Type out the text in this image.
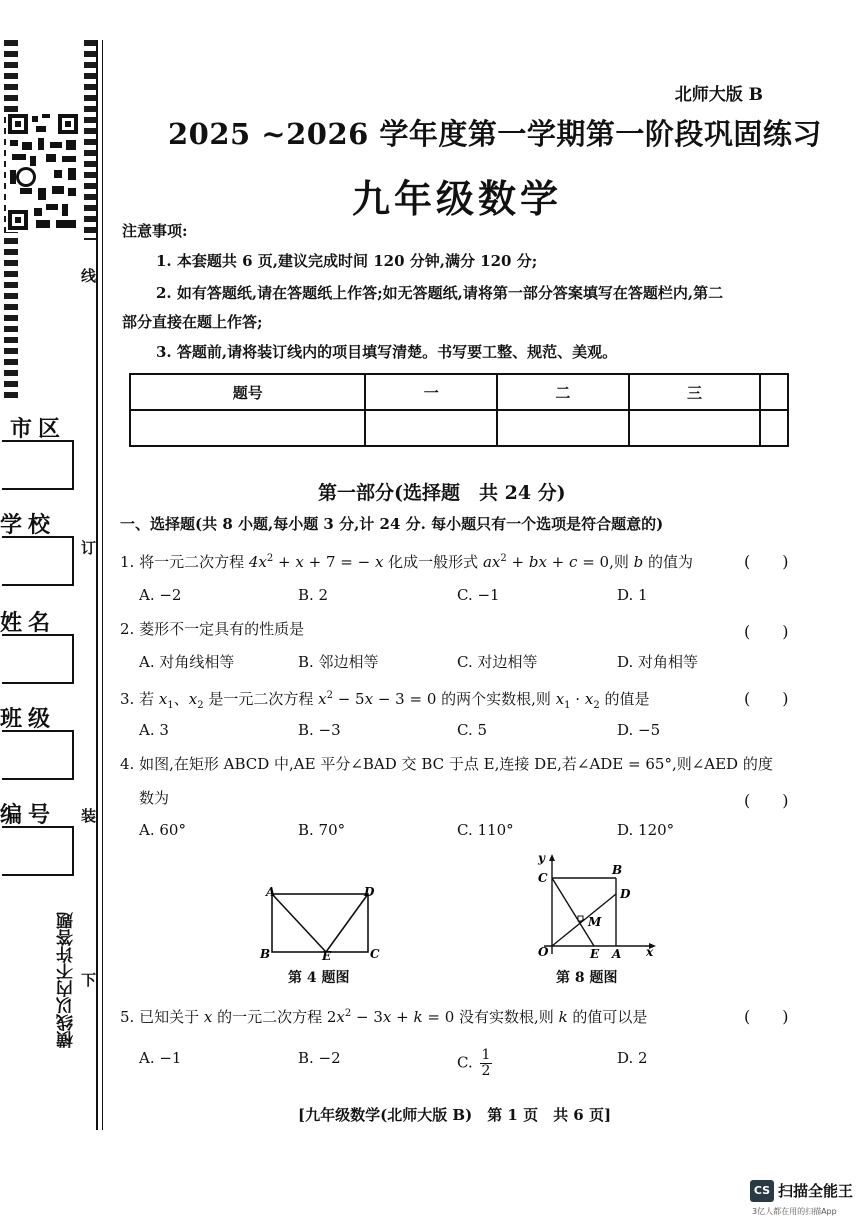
线
订
装
下
市区
学校
姓名
班级
编号
横线以内不许答题
北师大版 B
2025 ~2026 学年度第一学期第一阶段巩固练习
九年级数学
注意事项:
1. 本套题共 6 页,建议完成时间 120 分钟,满分 120 分;
2. 如有答题纸,请在答题纸上作答;如无答题纸,请将第一部分答案填写在答题栏内,第二
部分直接在题上作答;
3. 答题前,请将装订线内的项目填写清楚。书写要工整、规范、美观。
题号	一	二	三	

第一部分(选择题　共 24 分)
一、选择题(共 8 小题,每小题 3 分,计 24 分. 每小题只有一个选项是符合题意的)
1. 将一元二次方程 $4x^2 + x + 7$ = − x 化成一般形式 $ax^2$ + bx + c = 0,则 b 的值为	(　　)
A. −2	B. 2	C. −1	D. 1
2. 菱形不一定具有的性质是	(　　)
A. 对角线相等	B. 邻边相等	C. 对边相等	D. 对角相等
3. 若 $x_1$、$x_2$ 是一元二次方程 $x^2 - 5x - 3 = 0$ 的两个实数根,则 $x_1 \cdot x_2$ 的值是	(　　)
A. 3	B. −3	C. 5	D. −5
4. 如图,在矩形 ABCD 中,AE 平分∠BAD 交 BC 于点 E,连接 DE,若∠ADE = 65°,则∠AED 的度
数为	(　　)
A. 60°	B. 70°	C. 110°	D. 120°
A	D
B	E	C
第 4 题图
y
C
B
D
M
O	E A x
第 8 题图
5. 已知关于 x 的一元二次方程 $2x^2 - 3x + k = 0$ 没有实数根,则 k 的值可以是	(　　)
A. −1	B. −2	C. $\frac{1}{2}$	D. 2
[九年级数学(北师大版 B)　第 1 页　共 6 页]
CS 扫描全能王
3亿人都在用的扫描App
